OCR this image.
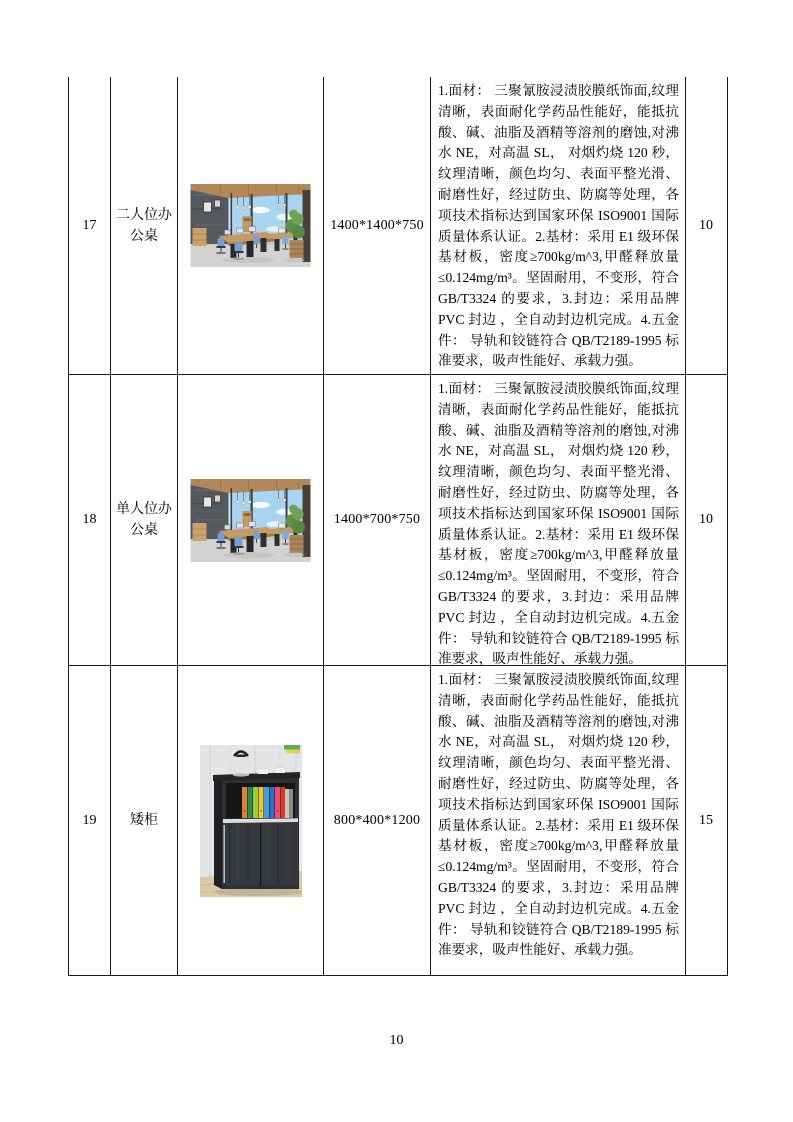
17
二人位办公桌
1400*1400*750
1.面材： 三聚氰胺浸渍胶膜纸饰面,纹理清晰，表面耐化学药品性能好，能抵抗酸、碱、油脂及酒精等溶剂的磨蚀,对沸水 NE，对高温 SL， 对烟灼烧 120 秒， 纹理清晰，颜色均匀、表面平整光滑、耐磨性好，经过防虫、防腐等处理，各项技术指标达到国家环保 ISO9001 国际质量体系认证。2.基材：采用 E1 级环保基材板，密度≥700kg/m^3,甲醛释放量≤0.124mg/m³。坚固耐用，不变形，符合 GB/T3324 的要求，3.封边：采用品牌 PVC 封边 ，全自动封边机完成。4.五金件： 导轨和铰链符合 QB/T2189-1995 标准要求，吸声性能好、承载力强。
10
18
单人位办公桌
1400*700*750
1.面材： 三聚氰胺浸渍胶膜纸饰面,纹理清晰，表面耐化学药品性能好，能抵抗酸、碱、油脂及酒精等溶剂的磨蚀,对沸水 NE，对高温 SL， 对烟灼烧 120 秒， 纹理清晰，颜色均匀、表面平整光滑、耐磨性好，经过防虫、防腐等处理，各项技术指标达到国家环保 ISO9001 国际质量体系认证。2.基材：采用 E1 级环保基材板，密度≥700kg/m^3,甲醛释放量≤0.124mg/m³。坚固耐用，不变形，符合 GB/T3324 的要求，3.封边：采用品牌 PVC 封边 ，全自动封边机完成。4.五金件： 导轨和铰链符合 QB/T2189-1995 标准要求，吸声性能好、承载力强。
10
19	矮柜	800*400*1200
1.面材： 三聚氰胺浸渍胶膜纸饰面,纹理清晰，表面耐化学药品性能好，能抵抗酸、碱、油脂及酒精等溶剂的磨蚀,对沸水 NE，对高温 SL， 对烟灼烧 120 秒， 纹理清晰，颜色均匀、表面平整光滑、耐磨性好，经过防虫、防腐等处理，各项技术指标达到国家环保 ISO9001 国际质量体系认证。2.基材：采用 E1 级环保基材板，密度≥700kg/m^3,甲醛释放量≤0.124mg/m³。坚固耐用，不变形，符合 GB/T3324 的要求，3.封边：采用品牌 PVC 封边 ，全自动封边机完成。4.五金件： 导轨和铰链符合 QB/T2189-1995 标准要求，吸声性能好、承载力强。
15
10
